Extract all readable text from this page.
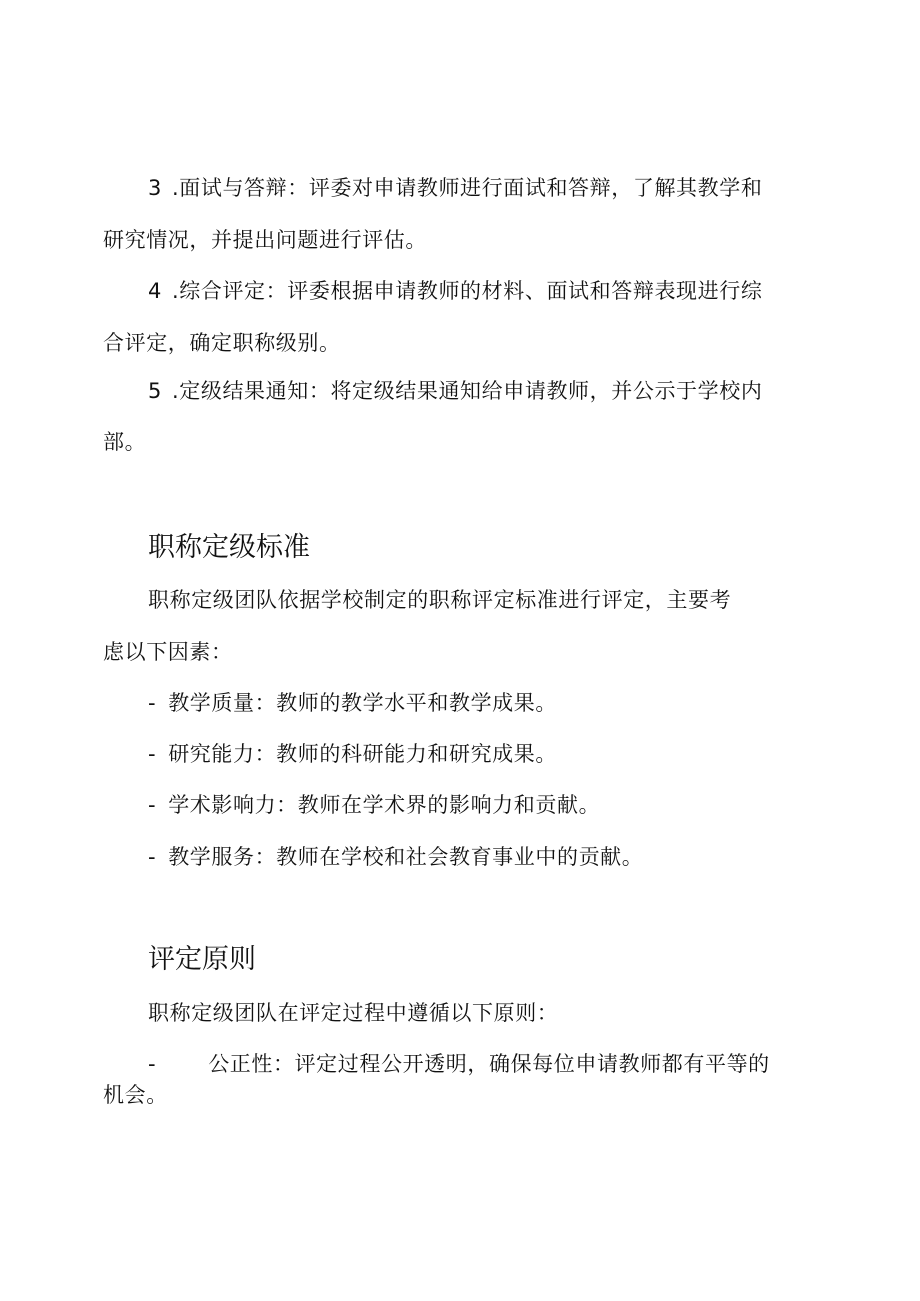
3 .面试与答辩：评委对申请教师进行面试和答辩，了解其教学和
研究情况，并提出问题进行评估。
4 .综合评定：评委根据申请教师的材料、面试和答辩表现进行综
合评定，确定职称级别。
5 .定级结果通知：将定级结果通知给申请教师，并公示于学校内
部。
职称定级标准
职称定级团队依据学校制定的职称评定标准进行评定，主要考
虑以下因素：
- 教学质量：教师的教学水平和教学成果。
- 研究能力：教师的科研能力和研究成果。
- 学术影响力：教师在学术界的影响力和贡献。
- 教学服务：教师在学校和社会教育事业中的贡献。
评定原则
职称定级团队在评定过程中遵循以下原则：
- 公正性：评定过程公开透明，确保每位申请教师都有平等的
机会。
